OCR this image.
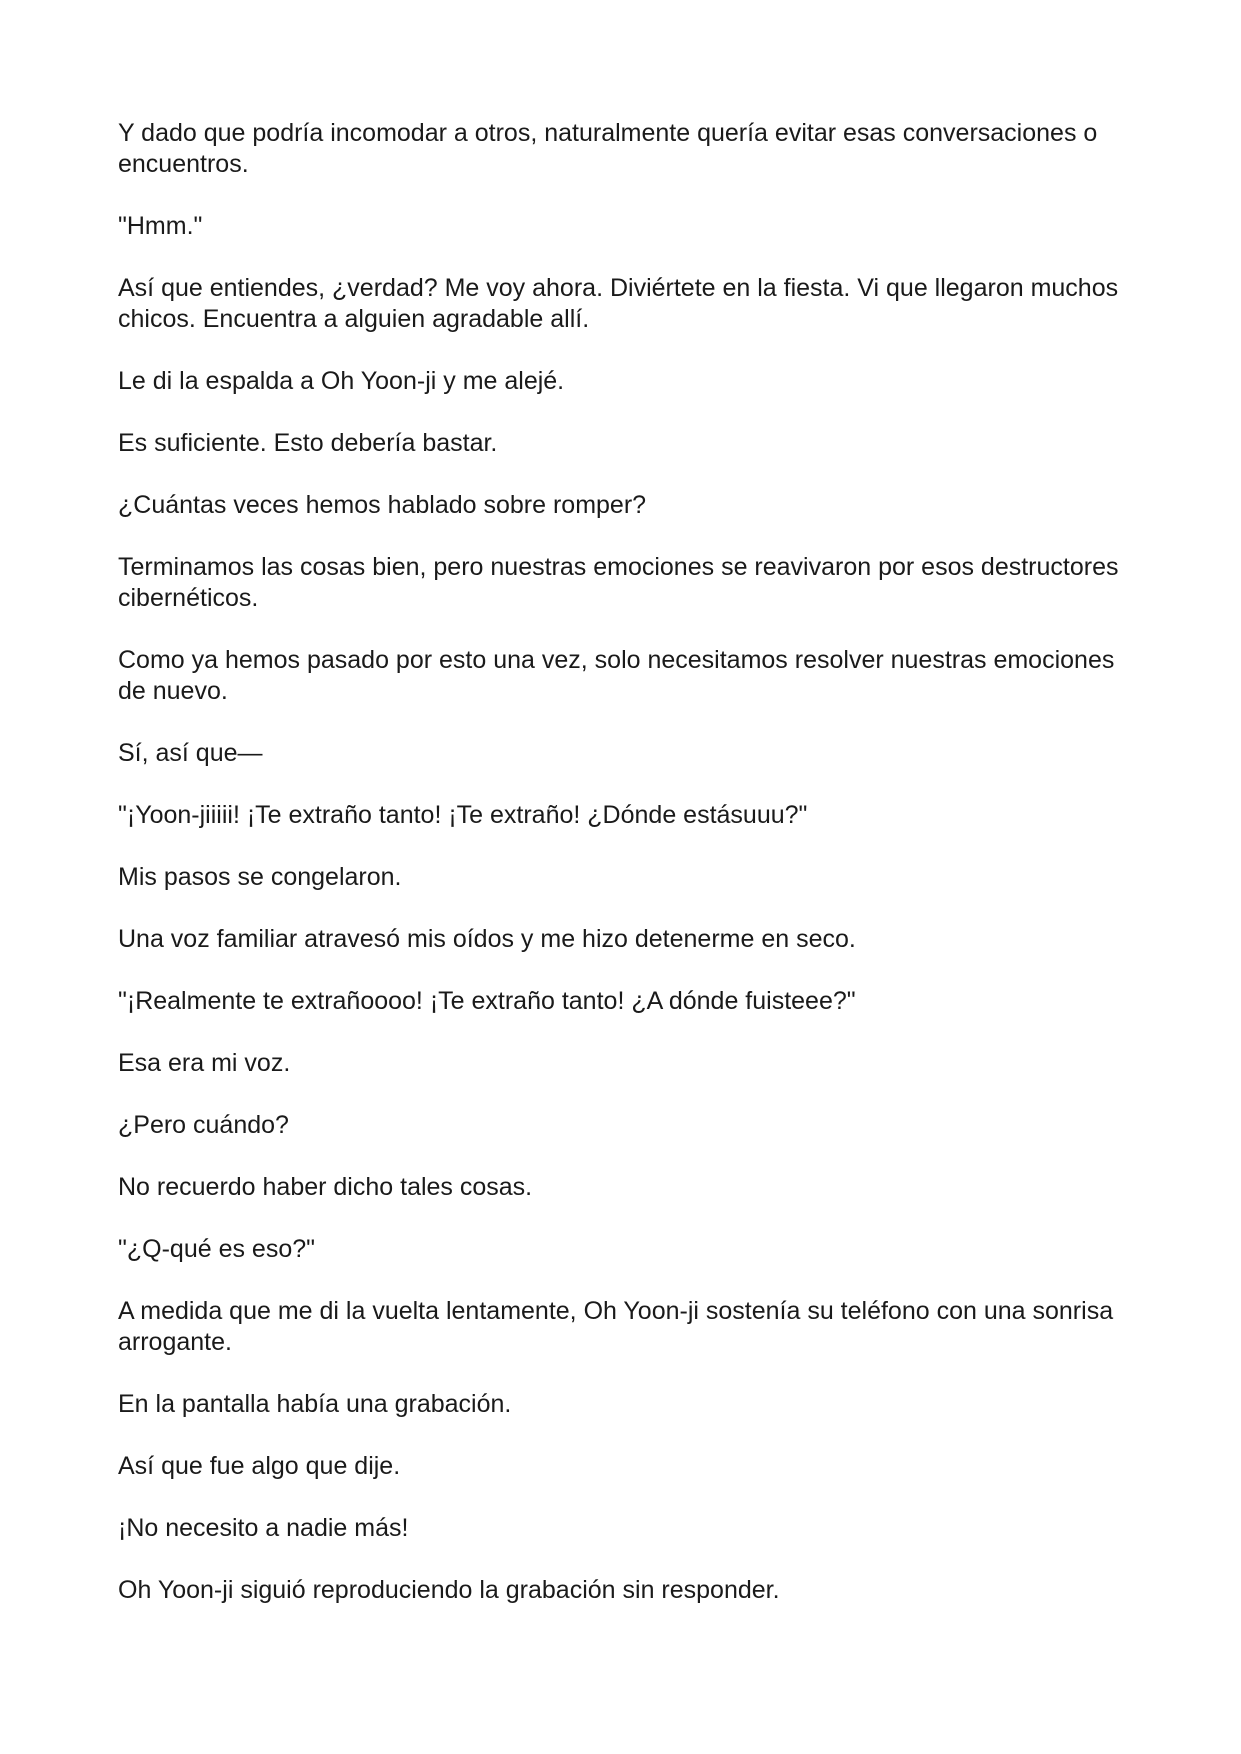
Y dado que podría incomodar a otros, naturalmente quería evitar esas conversaciones o encuentros.

"Hmm."

Así que entiendes, ¿verdad? Me voy ahora. Diviértete en la fiesta. Vi que llegaron muchos chicos. Encuentra a alguien agradable allí.

Le di la espalda a Oh Yoon-ji y me alejé.

Es suficiente. Esto debería bastar.

¿Cuántas veces hemos hablado sobre romper?

Terminamos las cosas bien, pero nuestras emociones se reavivaron por esos destructores cibernéticos.

Como ya hemos pasado por esto una vez, solo necesitamos resolver nuestras emociones de nuevo.

Sí, así que—

"¡Yoon-jiiiii! ¡Te extraño tanto! ¡Te extraño! ¿Dónde estásuuu?"

Mis pasos se congelaron.

Una voz familiar atravesó mis oídos y me hizo detenerme en seco.

"¡Realmente te extrañoooo! ¡Te extraño tanto! ¿A dónde fuisteee?"

Esa era mi voz.

¿Pero cuándo?

No recuerdo haber dicho tales cosas.

"¿Q-qué es eso?"

A medida que me di la vuelta lentamente, Oh Yoon-ji sostenía su teléfono con una sonrisa arrogante.

En la pantalla había una grabación.

Así que fue algo que dije.

¡No necesito a nadie más!

Oh Yoon-ji siguió reproduciendo la grabación sin responder.
